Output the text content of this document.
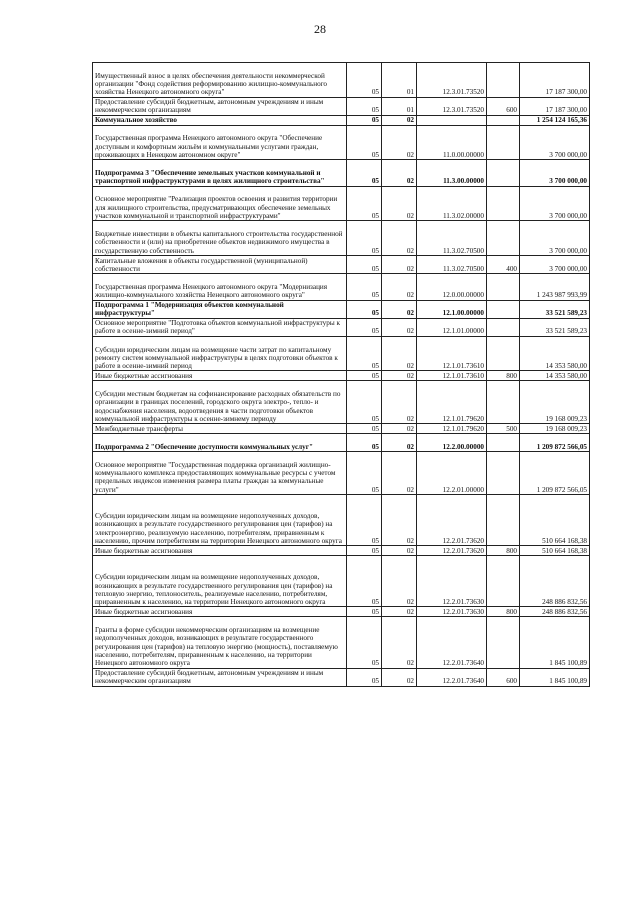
28
Имущественный взнос в целях обеспечения деятельности некоммерческой организации "Фонд содействия реформированию жилищно-коммунального хозяйства Ненецкого автономного округа"	05	01	12.3.01.73520		17 187 300,00
Предоставление субсидий бюджетным, автономным учреждениям и иным некоммерческим организациям	05	01	12.3.01.73520	600	17 187 300,00
Коммунальное хозяйство	05	02			1 254 124 165,36
Государственная программа Ненецкого автономного округа "Обеспечение доступным и комфортным жильём и коммунальными услугами граждан, проживающих в Ненецком автономном округе"	05	02	11.0.00.00000		3 700 000,00
Подпрограмма 3 "Обеспечение земельных участков коммунальной и транспортной инфраструктурами в целях жилищного строительства"	05	02	11.3.00.00000		3 700 000,00
Основное мероприятие "Реализация проектов освоения и развития территории для жилищного строительства, предусматривающих обеспечение земельных участков коммунальной и транспортной инфраструктурами"	05	02	11.3.02.00000		3 700 000,00
Бюджетные инвестиции в объекты капитального строительства государственной собственности и (или) на приобретение объектов недвижимого имущества в государственную собственность	05	02	11.3.02.70500		3 700 000,00
Капитальные вложения в объекты государственной (муниципальной) собственности	05	02	11.3.02.70500	400	3 700 000,00
Государственная программа Ненецкого автономного округа "Модернизация жилищно-коммунального хозяйства Ненецкого автономного округа"	05	02	12.0.00.00000		1 243 987 993,99
Подпрограмма 1 "Модернизация объектов коммунальной инфраструктуры"	05	02	12.1.00.00000		33 521 589,23
Основное мероприятие "Подготовка объектов коммунальной инфраструктуры к работе в осенне-зимний период"	05	02	12.1.01.00000		33 521 589,23
Субсидии юридическим лицам на возмещение части затрат по капитальному ремонту систем коммунальной инфраструктуры в целях подготовки объектов к работе в осенне-зимний период	05	02	12.1.01.73610		14 353 580,00
Иные бюджетные ассигнования	05	02	12.1.01.73610	800	14 353 580,00
Субсидии местным бюджетам на софинансирование расходных обязательств по организации в границах поселений, городского округа электро-, тепло- и водоснабжения населения, водоотведения в части подготовки объектов коммунальной инфраструктуры к осенне-зимнему периоду	05	02	12.1.01.79620		19 168 009,23
Межбюджетные трансферты	05	02	12.1.01.79620	500	19 168 009,23
Подпрограмма 2 "Обеспечение доступности коммунальных услуг"	05	02	12.2.00.00000		1 209 872 566,05
Основное мероприятие "Государственная поддержка организаций жилищно-коммунального комплекса предоставляющих коммунальные ресурсы с учетом предельных индексов изменения размера платы граждан за коммунальные услуги"	05	02	12.2.01.00000		1 209 872 566,05
Субсидии юридическим лицам на возмещение недополученных доходов, возникающих в результате государственного регулирования цен (тарифов) на электроэнергию, реализуемую населению, потребителям, приравненным к населению, прочим потребителям на территории Ненецкого автономного округа	05	02	12.2.01.73620		510 664 168,38
Иные бюджетные ассигнования	05	02	12.2.01.73620	800	510 664 168,38
Субсидии юридическим лицам на возмещение недополученных доходов, возникающих в результате государственного регулирования цен (тарифов) на тепловую энергию, теплоноситель, реализуемые населению, потребителям, приравненным к населению, на территории Ненецкого автономного округа	05	02	12.2.01.73630		248 886 832,56
Иные бюджетные ассигнования	05	02	12.2.01.73630	800	248 886 832,56
Гранты в форме субсидии некоммерческим организациям на возмещение недополученных доходов, возникающих в результате государственного регулирования цен (тарифов) на тепловую энергию (мощность), поставляемую населению, потребителям, приравненным к населению, на территории Ненецкого автономного округа	05	02	12.2.01.73640		1 845 100,89
Предоставление субсидий бюджетным, автономным учреждениям и иным некоммерческим организациям	05	02	12.2.01.73640	600	1 845 100,89
